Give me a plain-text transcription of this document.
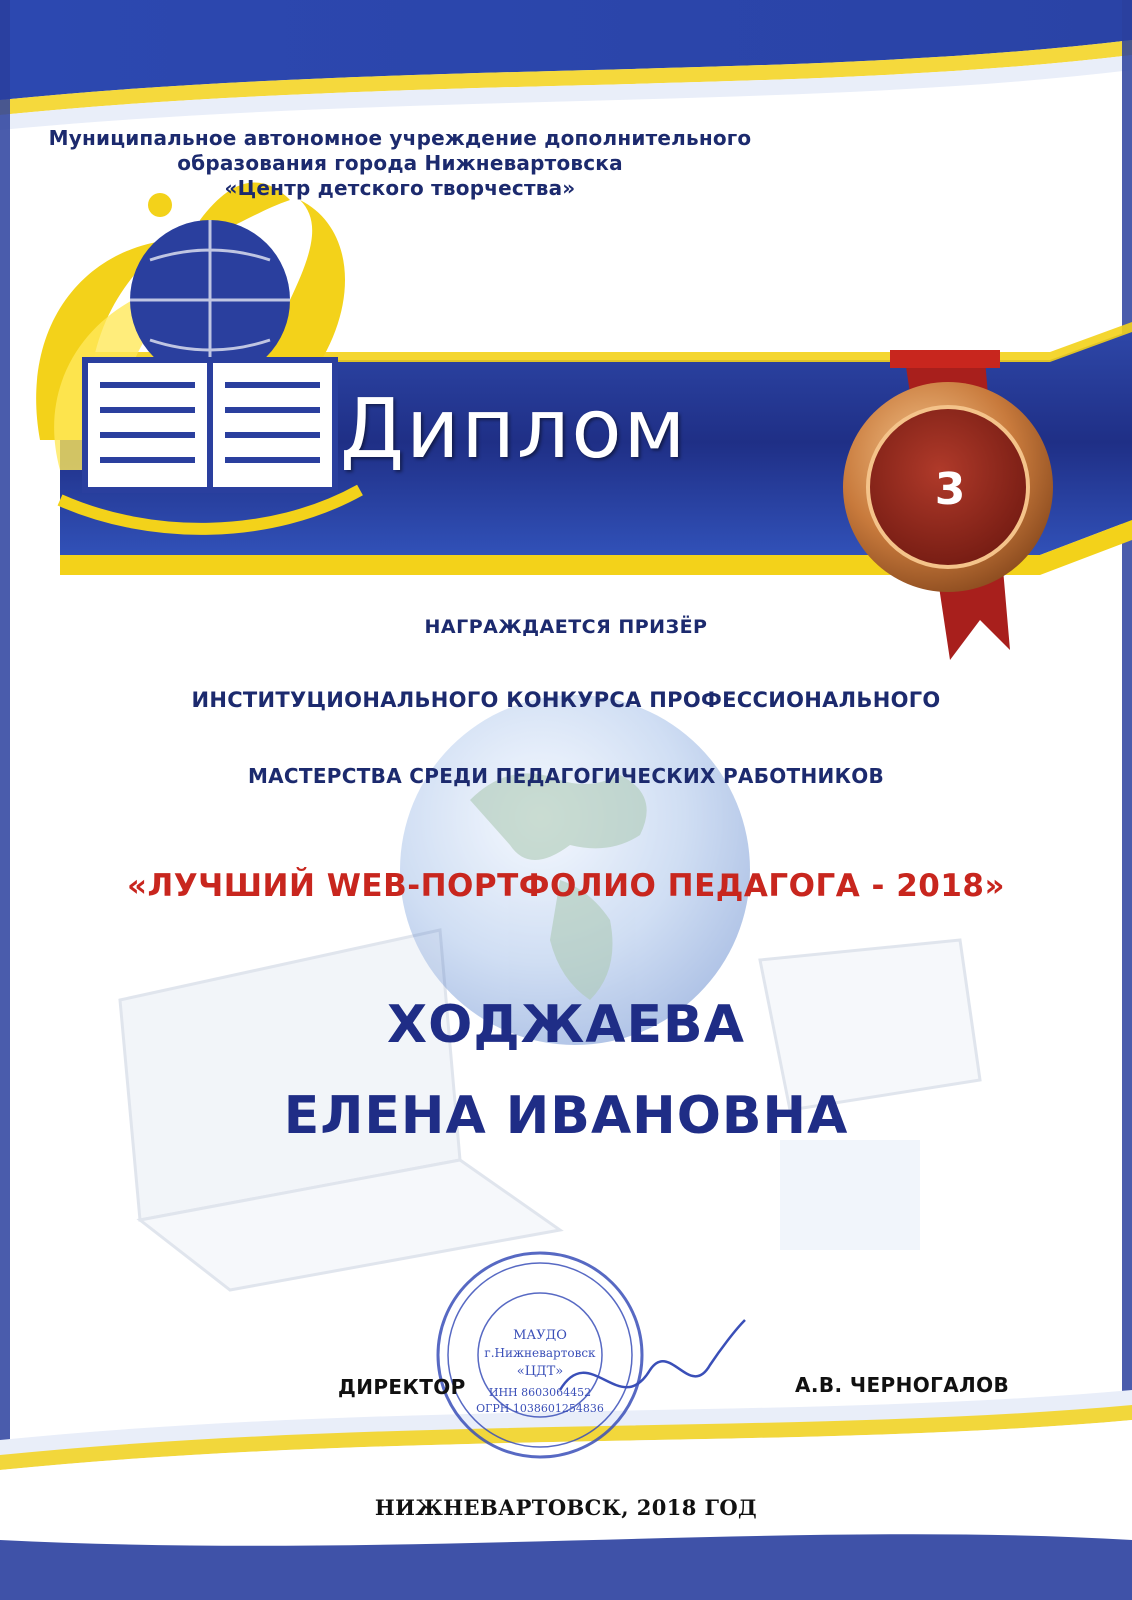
Муниципальное автономное учреждение дополнительного
образования города Нижневартовска
«Центр детского творчества»
Диплом
3
НАГРАЖДАЕТСЯ ПРИЗЁР
ИНСТИТУЦИОНАЛЬНОГО КОНКУРСА ПРОФЕССИОНАЛЬНОГО
МАСТЕРСТВА СРЕДИ ПЕДАГОГИЧЕСКИХ РАБОТНИКОВ
«ЛУЧШИЙ WEB-ПОРТФОЛИО ПЕДАГОГА - 2018»
ХОДЖАЕВА
ЕЛЕНА ИВАНОВНА
МАУДО
г.Нижневартовск
«ЦДТ»
ИНН 8603064452
ОГРН 1038601254836
ДИРЕКТОР	А.В. ЧЕРНОГАЛОВ
НИЖНЕВАРТОВСК, 2018 ГОД
